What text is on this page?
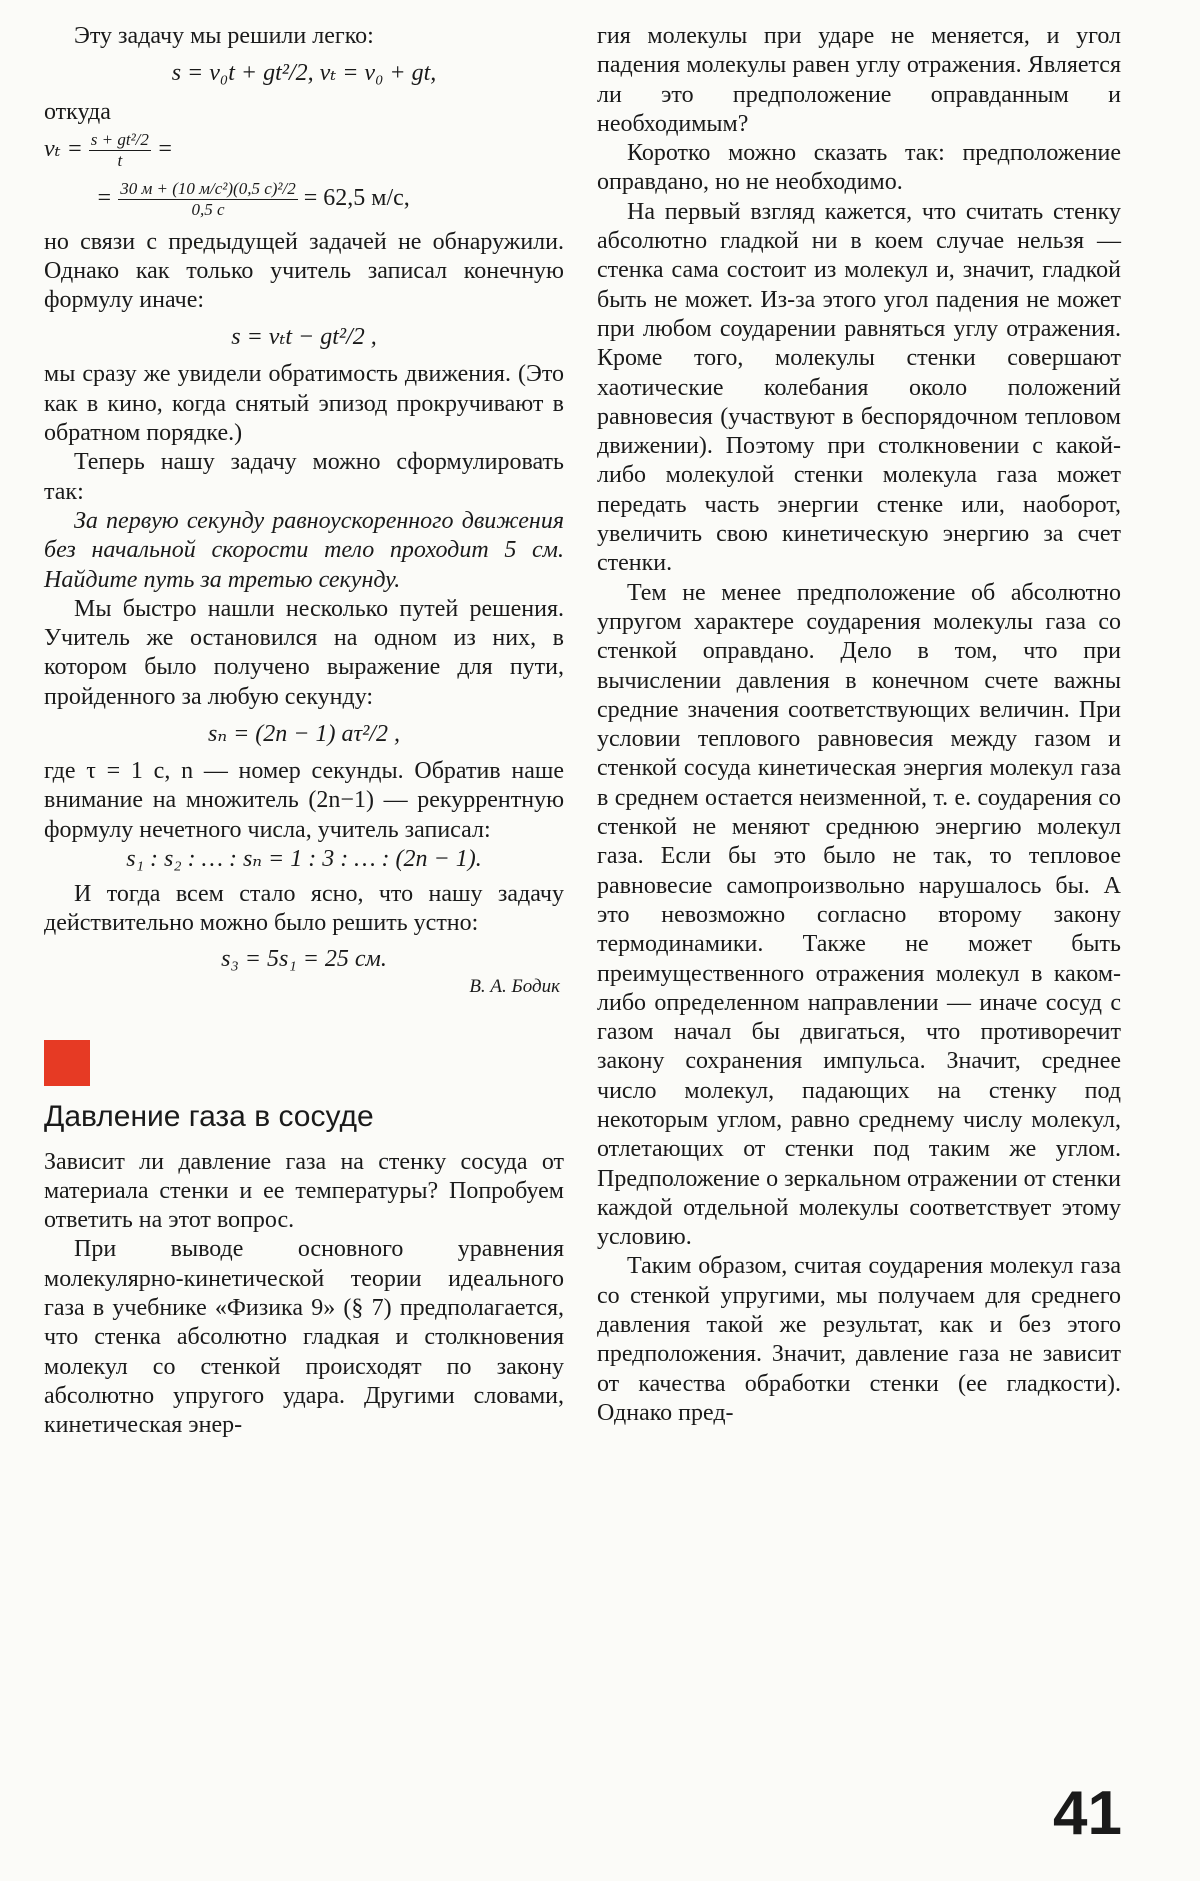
Эту задачу мы решили легко:

s = v₀t + gt²/2, vₜ = v₀ + gt,

откуда

$v_t = \frac{\text{s + gt²/2}}{t}$ =
= $\frac{\text{30 м + (10 м/с²)(0,5 с)²/2}}{0,5 с} = 62,5$ м/с,

но связи с предыдущей задачей не обнаружили. Однако как только учитель записал конечную формулу иначе:

s = vₜt − gt²/2 ,

мы сразу же увидели обратимость движения. (Это как в кино, когда снятый эпизод прокручивают в обратном порядке.)

Теперь нашу задачу можно сформулировать так:

За первую секунду равноускоренного движения без начальной скорости тело проходит 5 см. Найдите путь за третью секунду.

Мы быстро нашли несколько путей решения. Учитель же остановился на одном из них, в котором было получено выражение для пути, пройденного за любую секунду:

sₙ = (2n − 1) aτ²/2 ,

где τ = 1 с, n — номер секунды. Обратив наше внимание на множитель (2n−1) — рекуррентную формулу нечетного числа, учитель записал:

s₁ : s₂ : … : sₙ = 1 : 3 : … : (2n − 1).

И тогда всем стало ясно, что нашу задачу действительно можно было решить устно:

s₃ = 5s₁ = 25 см.
В. А. Бодик
Давление газа в сосуде

Зависит ли давление газа на стенку сосуда от материала стенки и ее температуры? Попробуем ответить на этот вопрос.

При выводе основного уравнения молекулярно-кинетической теории идеального газа в учебнике «Физика 9» (§ 7) предполагается, что стенка абсолютно гладкая и столкновения молекул со стенкой происходят по закону абсолютно упругого удара. Другими словами, кинетическая энер-

гия молекулы при ударе не меняется, и угол падения молекулы равен углу отражения. Является ли это предположение оправданным и необходимым?

Коротко можно сказать так: предположение оправдано, но не необходимо.

На первый взгляд кажется, что считать стенку абсолютно гладкой ни в коем случае нельзя — стенка сама состоит из молекул и, значит, гладкой быть не может. Из-за этого угол падения не может при любом соударении равняться углу отражения. Кроме того, молекулы стенки совершают хаотические колебания около положений равновесия (участвуют в беспорядочном тепловом движении). Поэтому при столкновении с какой-либо молекулой стенки молекула газа может передать часть энергии стенке или, наоборот, увеличить свою кинетическую энергию за счет стенки.

Тем не менее предположение об абсолютно упругом характере соударения молекулы газа со стенкой оправдано. Дело в том, что при вычислении давления в конечном счете важны средние значения соответствующих величин. При условии теплового равновесия между газом и стенкой сосуда кинетическая энергия молекул газа в среднем остается неизменной, т. е. соударения со стенкой не меняют среднюю энергию молекул газа. Если бы это было не так, то тепловое равновесие самопроизвольно нарушалось бы. А это невозможно согласно второму закону термодинамики. Также не может быть преимущественного отражения молекул в каком-либо определенном направлении — иначе сосуд с газом начал бы двигаться, что противоречит закону сохранения импульса. Значит, среднее число молекул, падающих на стенку под некоторым углом, равно среднему числу молекул, отлетающих от стенки под таким же углом. Предположение о зеркальном отражении от стенки каждой отдельной молекулы соответствует этому условию.

Таким образом, считая соударения молекул газа со стенкой упругими, мы получаем для среднего давления такой же результат, как и без этого предположения. Значит, давление газа не зависит от качества обработки стенки (ее гладкости). Однако пред-

41
